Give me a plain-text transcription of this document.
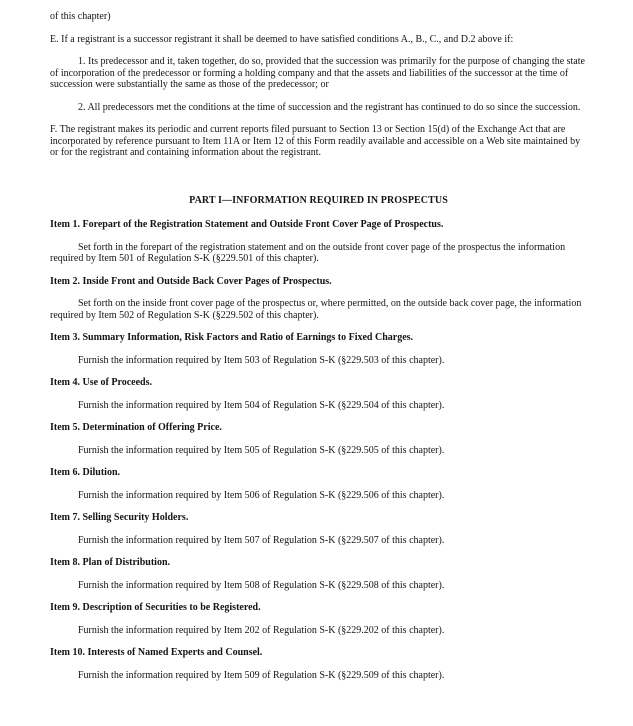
of this chapter)
E. If a registrant is a successor registrant it shall be deemed to have satisfied conditions A., B., C., and D.2 above if:
1. Its predecessor and it, taken together, do so, provided that the succession was primarily for the purpose of changing the state of incorporation of the predecessor or forming a holding company and that the assets and liabilities of the successor at the time of succession were substantially the same as those of the predecessor; or
2. All predecessors met the conditions at the time of succession and the registrant has continued to do so since the succession.
F. The registrant makes its periodic and current reports filed pursuant to Section 13 or Section 15(d) of the Exchange Act that are incorporated by reference pursuant to Item 11A or Item 12 of this Form readily available and accessible on a Web site maintained by or for the registrant and containing information about the registrant.
PART I—INFORMATION REQUIRED IN PROSPECTUS
Item 1. Forepart of the Registration Statement and Outside Front Cover Page of Prospectus.
Set forth in the forepart of the registration statement and on the outside front cover page of the prospectus the information required by Item 501 of Regulation S-K (§229.501 of this chapter).
Item 2. Inside Front and Outside Back Cover Pages of Prospectus.
Set forth on the inside front cover page of the prospectus or, where permitted, on the outside back cover page, the information required by Item 502 of Regulation S-K (§229.502 of this chapter).
Item 3. Summary Information, Risk Factors and Ratio of Earnings to Fixed Charges.
Furnish the information required by Item 503 of Regulation S-K (§229.503 of this chapter).
Item 4. Use of Proceeds.
Furnish the information required by Item 504 of Regulation S-K (§229.504 of this chapter).
Item 5. Determination of Offering Price.
Furnish the information required by Item 505 of Regulation S-K (§229.505 of this chapter).
Item 6. Dilution.
Furnish the information required by Item 506 of Regulation S-K (§229.506 of this chapter).
Item 7. Selling Security Holders.
Furnish the information required by Item 507 of Regulation S-K (§229.507 of this chapter).
Item 8. Plan of Distribution.
Furnish the information required by Item 508 of Regulation S-K (§229.508 of this chapter).
Item 9. Description of Securities to be Registered.
Furnish the information required by Item 202 of Regulation S-K (§229.202 of this chapter).
Item 10. Interests of Named Experts and Counsel.
Furnish the information required by Item 509 of Regulation S-K (§229.509 of this chapter).
